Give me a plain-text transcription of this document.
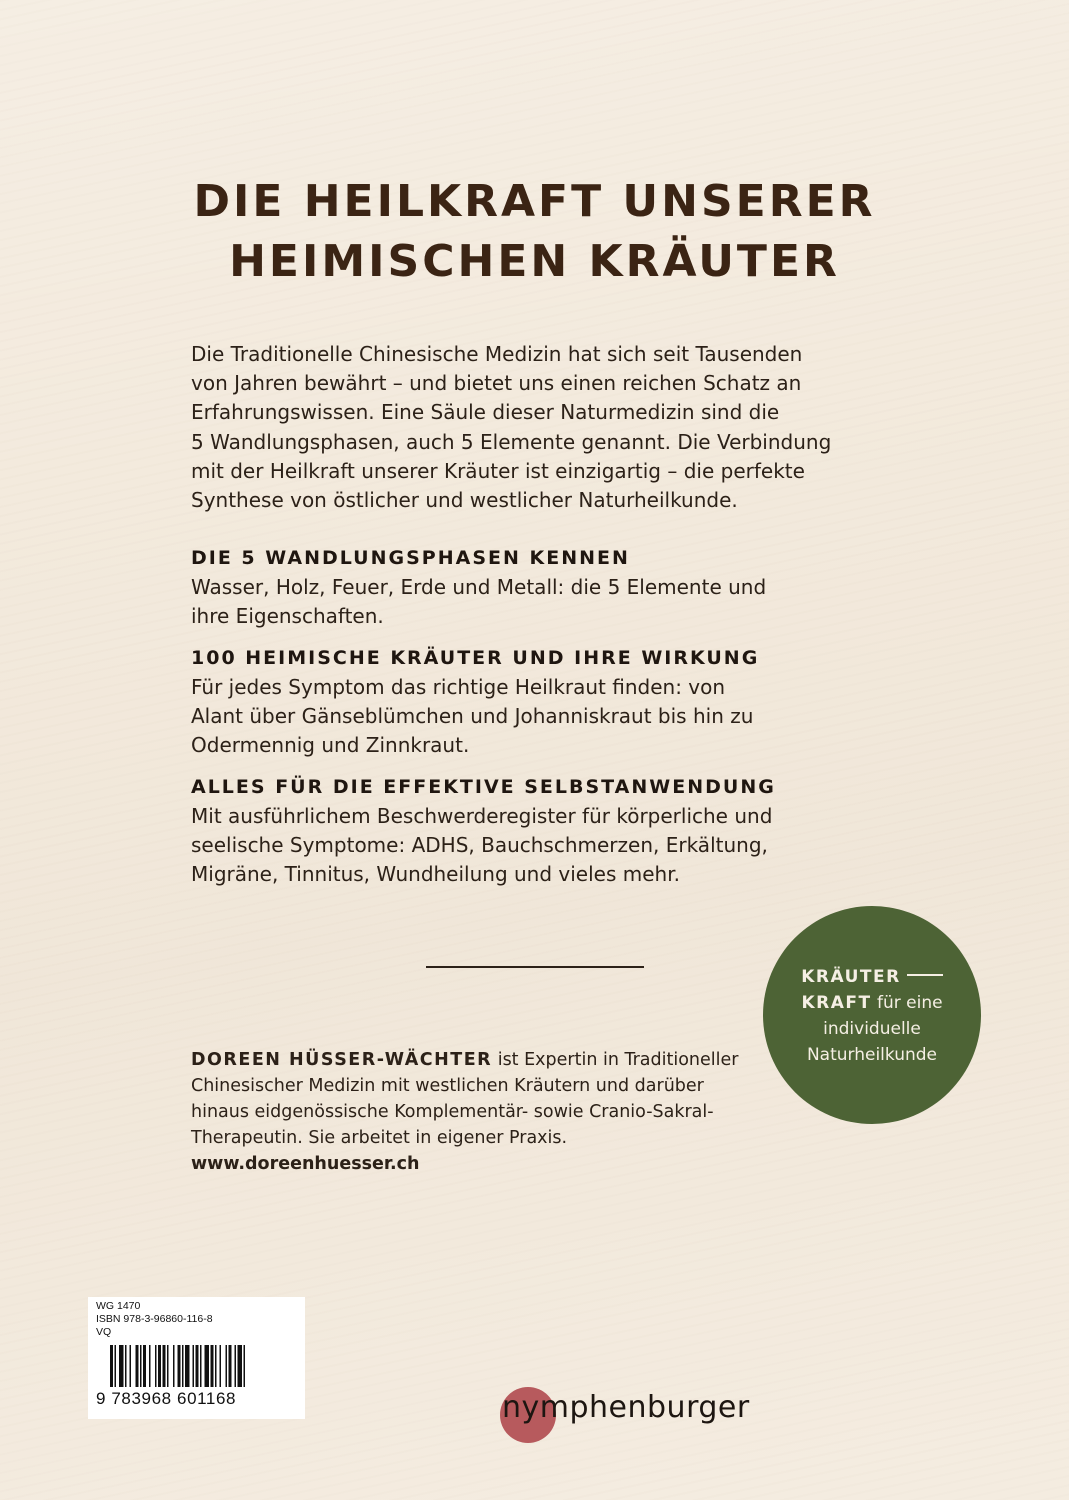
DIE HEILKRAFT UNSERER
HEIMISCHEN KRÄUTER

Die Traditionelle Chinesische Medizin hat sich seit Tausenden
von Jahren bewährt – und bietet uns einen reichen Schatz an
Erfahrungswissen. Eine Säule dieser Naturmedizin sind die
5 Wandlungsphasen, auch 5 Elemente genannt. Die Verbindung
mit der Heilkraft unserer Kräuter ist einzigartig – die perfekte
Synthese von östlicher und westlicher Naturheilkunde.

DIE 5 WANDLUNGSPHASEN KENNEN

Wasser, Holz, Feuer, Erde und Metall: die 5 Elemente und
ihre Eigenschaften.

100 HEIMISCHE KRÄUTER UND IHRE WIRKUNG

Für jedes Symptom das richtige Heilkraut finden: von
Alant über Gänseblümchen und Johanniskraut bis hin zu
Odermennig und Zinnkraut.

ALLES FÜR DIE EFFEKTIVE SELBSTANWENDUNG

Mit ausführlichem Beschwerderegister für körperliche und
seelische Symptome: ADHS, Bauchschmerzen, Erkältung,
Migräne, Tinnitus, Wundheilung und vieles mehr.

KRÄUTER
KRAFT für eine
individuelle
Naturheilkunde

DOREEN HÜSSER-WÄCHTER ist Expertin in Traditioneller
Chinesischer Medizin mit westlichen Kräutern und darüber
hinaus eidgenössische Komplementär- sowie Cranio-Sakral-
Therapeutin. Sie arbeitet in eigener Praxis.
www.doreenhuesser.ch

WG 1470
ISBN 978-3-96860-116-8
VQ
9 783968 601168	nymphenburger
